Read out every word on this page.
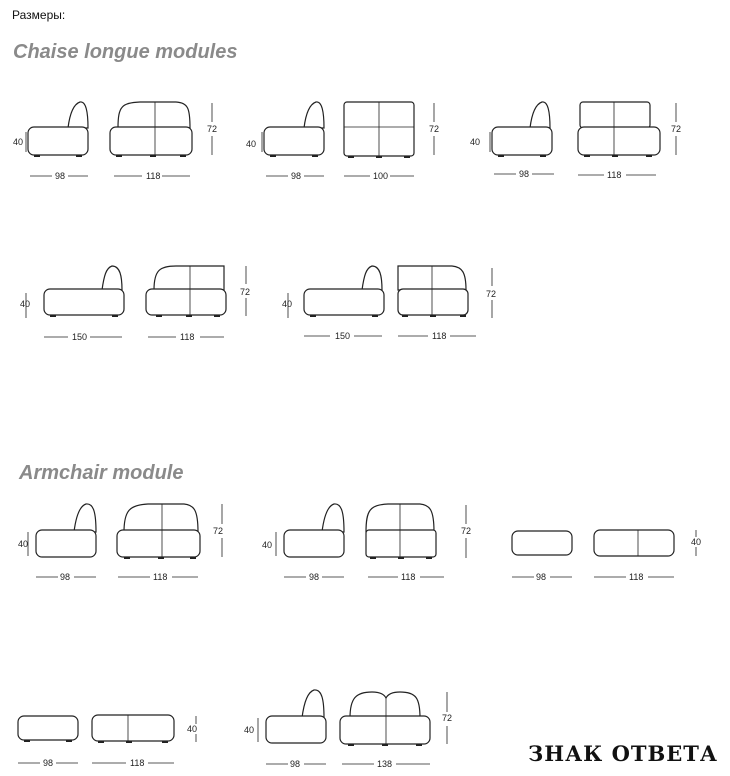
Размеры:
Chaise longue modules
Armchair module
40
98	118
72
40
98	100
72
40
98	118
72
40
150	118
72
40
150	118
72
40
98	118
72
40
98	118
72
98	118
40
98	118
40	40
98	138
72
ЗНАК ОТВЕТА
